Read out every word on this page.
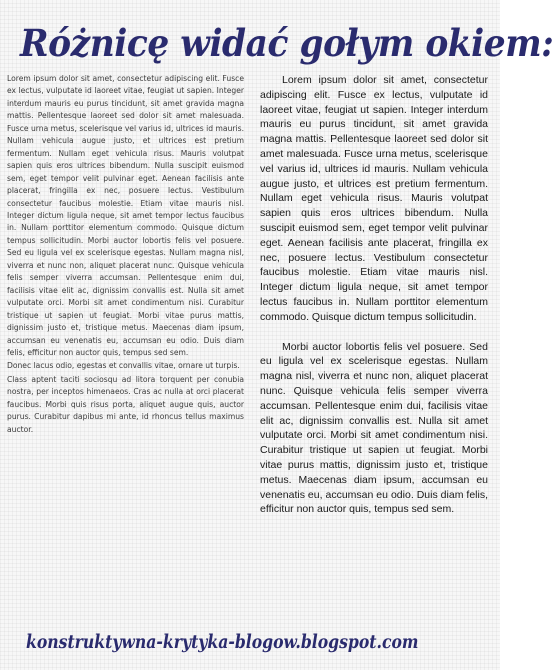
Różnicę widać gołym okiem:

Lorem ipsum dolor sit amet, consectetur adipiscing elit. Fusce ex lectus, vulputate id laoreet vitae, feugiat ut sapien. Integer interdum mauris eu purus tincidunt, sit amet gravida magna mattis. Pellentesque laoreet sed dolor sit amet malesuada. Fusce urna metus, scelerisque vel varius id, ultrices id mauris. Nullam vehicula augue justo, et ultrices est pretium fermentum. Nullam eget vehicula risus. Mauris volutpat sapien quis eros ultrices bibendum. Nulla suscipit euismod sem, eget tempor velit pulvinar eget. Aenean facilisis ante placerat, fringilla ex nec, posuere lectus. Vestibulum consectetur faucibus molestie. Etiam vitae mauris nisl. Integer dictum ligula neque, sit amet tempor lectus faucibus in. Nullam porttitor elementum commodo. Quisque dictum tempus sollicitudin. Morbi auctor lobortis felis vel posuere. Sed eu ligula vel ex scelerisque egestas. Nullam magna nisl, viverra et nunc non, aliquet placerat nunc. Quisque vehicula felis semper viverra accumsan. Pellentesque enim dui, facilisis vitae elit ac, dignissim convallis est. Nulla sit amet vulputate orci. Morbi sit amet condimentum nisi. Curabitur tristique ut sapien ut feugiat. Morbi vitae purus mattis, dignissim justo et, tristique metus. Maecenas diam ipsum, accumsan eu venenatis eu, accumsan eu odio. Duis diam felis, efficitur non auctor quis, tempus sed sem.

Donec lacus odio, egestas et convallis vitae, ornare ut turpis.

Class aptent taciti sociosqu ad litora torquent per conubia nostra, per inceptos himenaeos. Cras ac nulla at orci placerat faucibus. Morbi quis risus porta, aliquet augue quis, auctor purus. Curabitur dapibus mi ante, id rhoncus tellus maximus auctor.

Lorem ipsum dolor sit amet, consectetur adipiscing elit. Fusce ex lectus, vulputate id laoreet vitae, feugiat ut sapien. Integer interdum mauris eu purus tincidunt, sit amet gravida magna mattis. Pellentesque laoreet sed dolor sit amet malesuada. Fusce urna metus, scelerisque vel varius id, ultrices id mauris. Nullam vehicula augue justo, et ultrices est pretium fermentum. Nullam eget vehicula risus. Mauris volutpat sapien quis eros ultrices bibendum. Nulla suscipit euismod sem, eget tempor velit pulvinar eget. Aenean facilisis ante placerat, fringilla ex nec, posuere lectus. Vestibulum consectetur faucibus molestie. Etiam vitae mauris nisl. Integer dictum ligula neque, sit amet tempor lectus faucibus in. Nullam porttitor elementum commodo. Quisque dictum tempus sollicitudin.

Morbi auctor lobortis felis vel posuere. Sed eu ligula vel ex scelerisque egestas. Nullam magna nisl, viverra et nunc non, aliquet placerat nunc. Quisque vehicula felis semper viverra accumsan. Pellentesque enim dui, facilisis vitae elit ac, dignissim convallis est. Nulla sit amet vulputate orci. Morbi sit amet condimentum nisi. Curabitur tristique ut sapien ut feugiat. Morbi vitae purus mattis, dignissim justo et, tristique metus. Maecenas diam ipsum, accumsan eu venenatis eu, accumsan eu odio. Duis diam felis, efficitur non auctor quis, tempus sed sem.

konstruktywna-krytyka-blogow.blogspot.com
